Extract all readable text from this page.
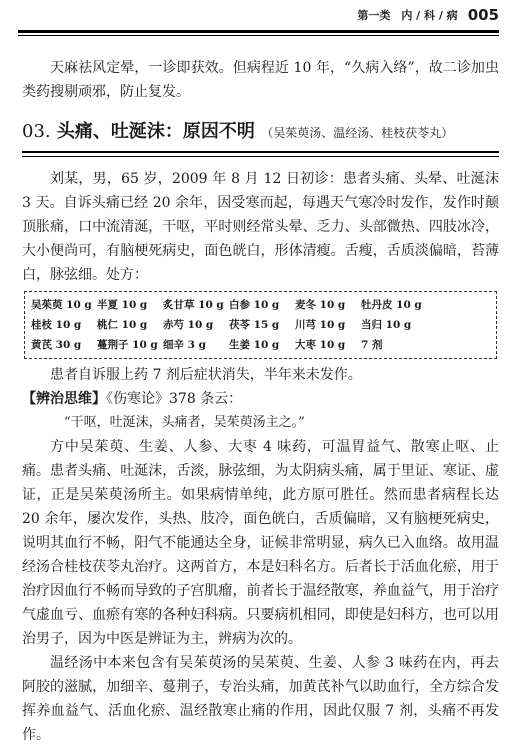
第一类　内 / 科 / 病 005

天麻祛风定晕，一诊即获效。但病程近 10 年，“久病入络”，故二诊加虫类药搜剔顽邪，防止复发。

03. 头痛、吐涎沫：原因不明 （吴茱萸汤、温经汤、桂枝茯苓丸）

刘某，男，65 岁，2009 年 8 月 12 日初诊：患者头痛、头晕、吐涎沫 3 天。自诉头痛已经 20 余年，因受寒而起，每遇天气寒冷时发作，发作时颠顶胀痛，口中流清涎，干呕，平时则经常头晕、乏力、头部微热、四肢冰冷，大小便尚可，有脑梗死病史，面色㿠白，形体清瘦。舌瘦，舌质淡偏暗，苔薄白，脉弦细。处方：

吴茱萸 10 g 半夏 10 g	炙甘草 10 g 白参 10 g	麦冬 10 g	牡丹皮 10 g
桂枝 10 g	桃仁 10 g	赤芍 10 g	茯苓 15 g	川芎 10 g	当归 10 g
黄芪 30 g	蔓荆子 10 g 细辛 3 g	生姜 10 g	大枣 10 g	7 剂

患者自诉服上药 7 剂后症状消失，半年来未发作。

【辨治思维】《伤寒论》378 条云：

“干呕，吐涎沫，头痛者，吴茱萸汤主之。”

方中吴茱萸、生姜、人参、大枣 4 味药，可温胃益气、散寒止呕、止痛。患者头痛、吐涎沫，舌淡，脉弦细，为太阴病头痛，属于里证、寒证、虚证，正是吴茱萸汤所主。如果病情单纯，此方原可胜任。然而患者病程长达 20 余年，屡次发作，头热、肢冷，面色㿠白，舌质偏暗，又有脑梗死病史，说明其血行不畅，阳气不能通达全身，证候非常明显，病久已入血络。故用温经汤合桂枝茯苓丸治疗。这两首方，本是妇科名方。后者长于活血化瘀，用于治疗因血行不畅而导致的子宫肌瘤，前者长于温经散寒，养血益气，用于治疗气虚血亏、血瘀有寒的各种妇科病。只要病机相同，即使是妇科方，也可以用治男子，因为中医是辨证为主，辨病为次的。

温经汤中本来包含有吴茱萸汤的吴茱萸、生姜、人参 3 味药在内，再去阿胶的滋腻，加细辛、蔓荆子，专治头痛，加黄芪补气以助血行，全方综合发挥养血益气、活血化瘀、温经散寒止痛的作用，因此仅服 7 剂，头痛不再发作。
